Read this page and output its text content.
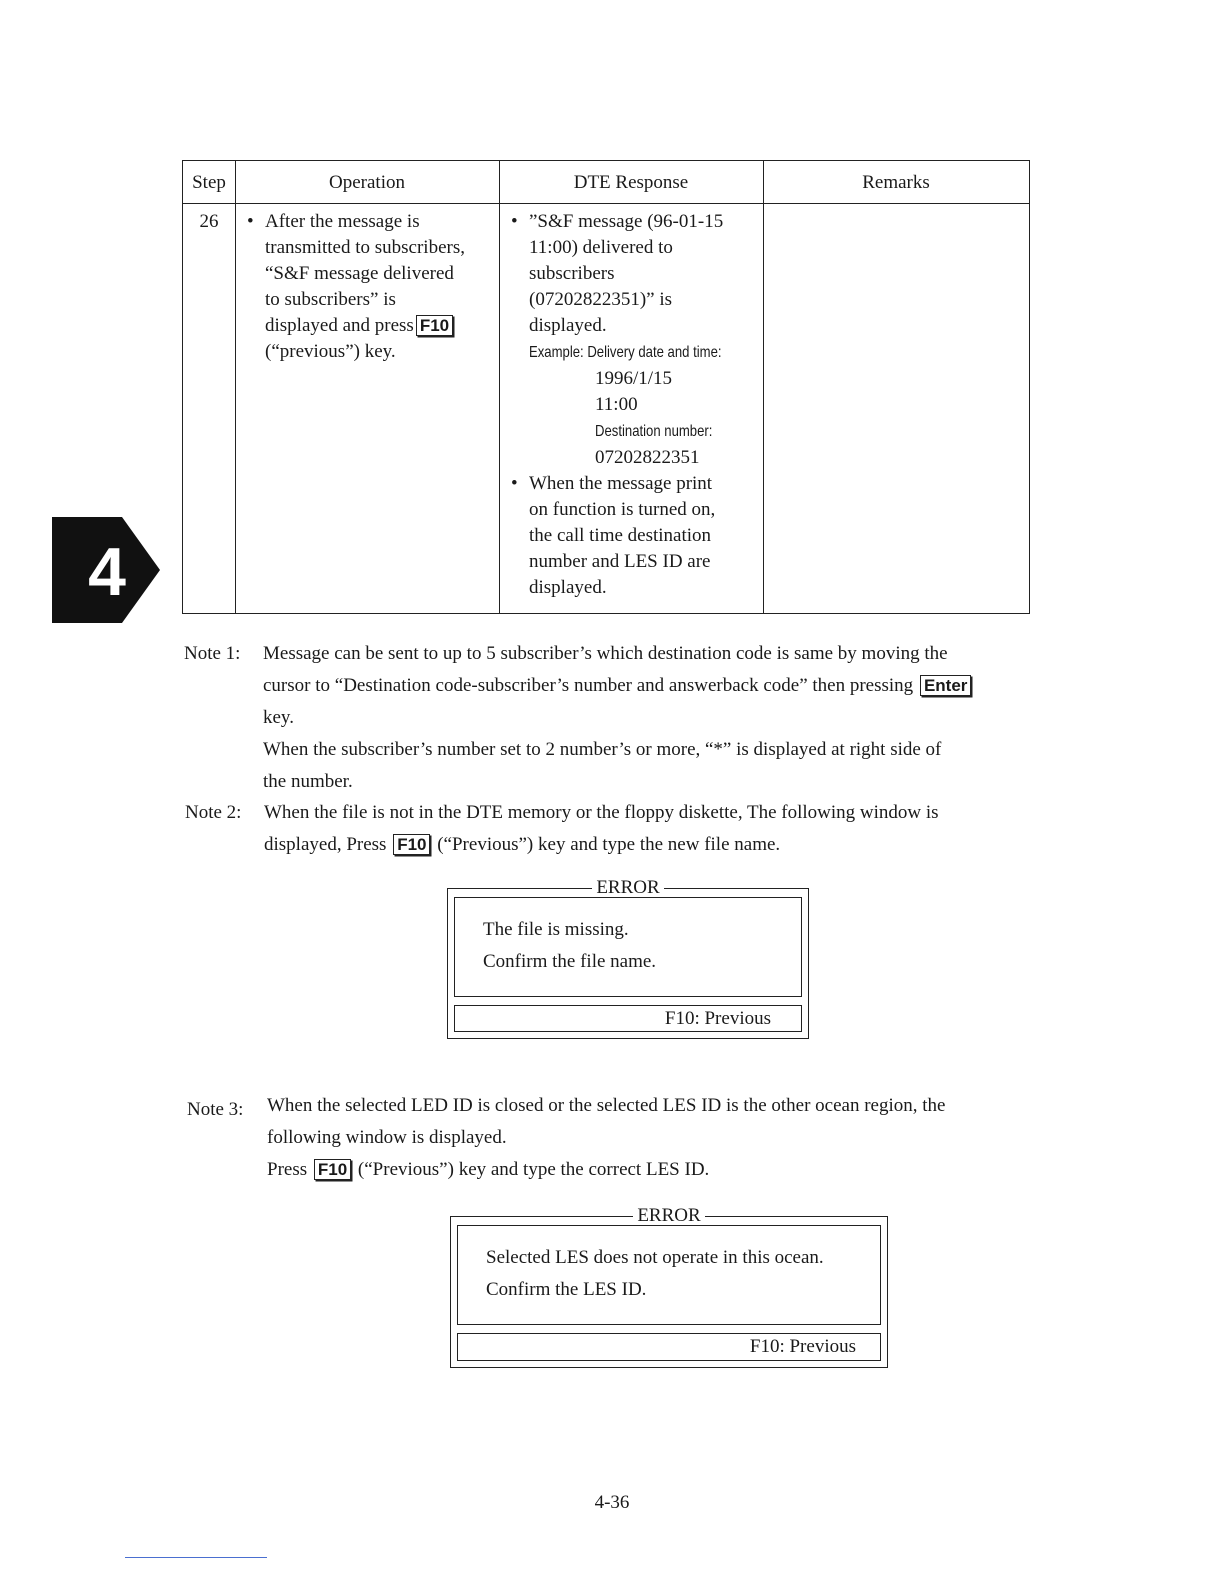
Step	Operation	DTE Response	Remarks
26
•	After the message is
transmitted to subscribers,
“S&F message delivered
to subscribers” is
displayed and press F10
(“previous”) key.
• ”S&F message (96-01-15
11:00) delivered to
subscribers
(07202822351)” is
displayed.
Example: Delivery date and time:
1996/1/15
11:00
Destination number:
07202822351
• When the message print
on function is turned on,
the call time destination
number and LES ID are
displayed.
4
Note 1: Message can be sent to up to 5 subscriber’s which destination code is same by moving the

cursor to “Destination code-subscriber’s number and answerback code” then pressing Enter

key.

When the subscriber’s number set to 2 number’s or more, “*” is displayed at right side of

the number.

Note 2: When the file is not in the DTE memory or the floppy diskette, The following window is

displayed, Press F10 (“Previous”) key and type the new file name.

ERROR
The file is missing.
Confirm the file name.
F10: Previous
Note 3: When the selected LED ID is closed or the selected LES ID is the other ocean region, the

following window is displayed.

Press F10 (“Previous”) key and type the correct LES ID.

ERROR
Selected LES does not operate in this ocean.
Confirm the LES ID.
F10: Previous
4-36
